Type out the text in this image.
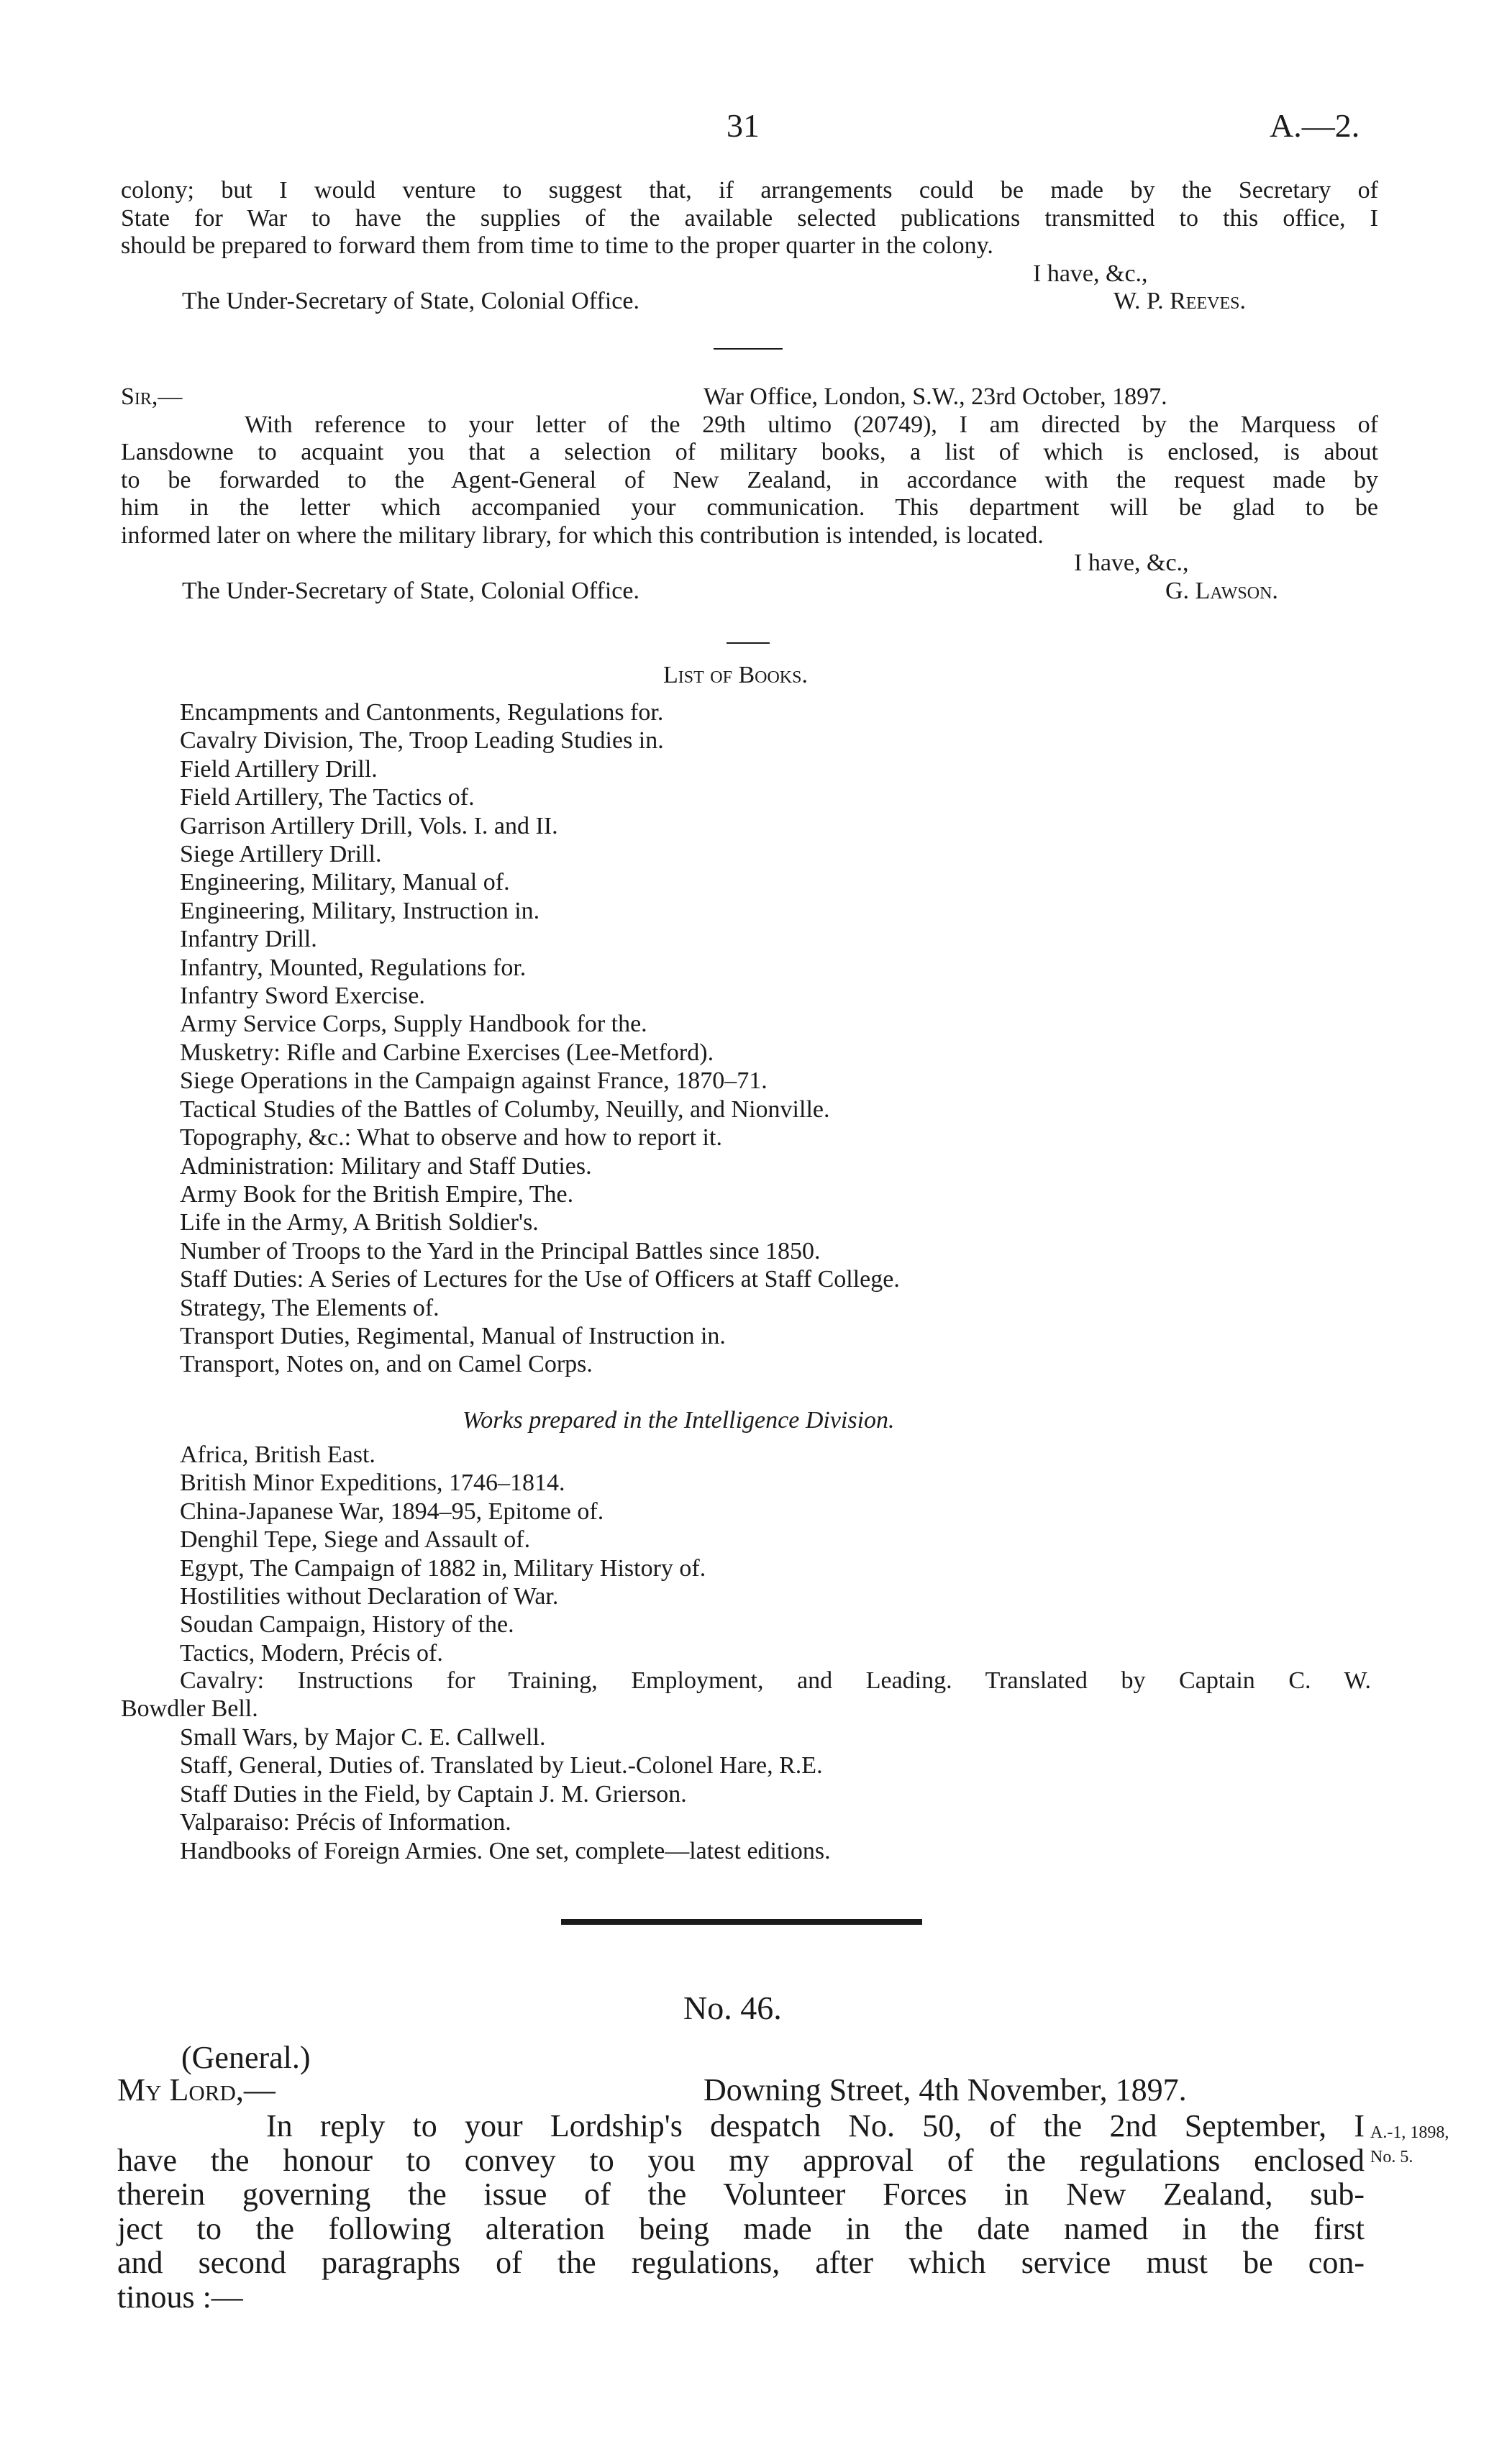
31	A.—2.
colony; but I would venture to suggest that, if arrangements could be made by the Secretary of
State for War to have the supplies of the available selected publications transmitted to this office, I
should be prepared to forward them from time to time to the proper quarter in the colony.
I have, &c.,
The Under-Secretary of State, Colonial Office.	W. P. Reeves.
Sir,—	War Office, London, S.W., 23rd October, 1897.
With reference to your letter of the 29th ultimo (20749), I am directed by the Marquess of
Lansdowne to acquaint you that a selection of military books, a list of which is enclosed, is about
to be forwarded to the Agent-General of New Zealand, in accordance with the request made by
him in the letter which accompanied your communication. This department will be glad to be
informed later on where the military library, for which this contribution is intended, is located.
I have, &c.,
The Under-Secretary of State, Colonial Office.	G. Lawson.
List of Books.
Encampments and Cantonments, Regulations for.
Cavalry Division, The, Troop Leading Studies in.
Field Artillery Drill.
Field Artillery, The Tactics of.
Garrison Artillery Drill, Vols. I. and II.
Siege Artillery Drill.
Engineering, Military, Manual of.
Engineering, Military, Instruction in.
Infantry Drill.
Infantry, Mounted, Regulations for.
Infantry Sword Exercise.
Army Service Corps, Supply Handbook for the.
Musketry: Rifle and Carbine Exercises (Lee-Metford).
Siege Operations in the Campaign against France, 1870–71.
Tactical Studies of the Battles of Columby, Neuilly, and Nionville.
Topography, &c.: What to observe and how to report it.
Administration: Military and Staff Duties.
Army Book for the British Empire, The.
Life in the Army, A British Soldier's.
Number of Troops to the Yard in the Principal Battles since 1850.
Staff Duties: A Series of Lectures for the Use of Officers at Staff College.
Strategy, The Elements of.
Transport Duties, Regimental, Manual of Instruction in.
Transport, Notes on, and on Camel Corps.
Works prepared in the Intelligence Division.
Africa, British East.
British Minor Expeditions, 1746–1814.
China-Japanese War, 1894–95, Epitome of.
Denghil Tepe, Siege and Assault of.
Egypt, The Campaign of 1882 in, Military History of.
Hostilities without Declaration of War.
Soudan Campaign, History of the.
Tactics, Modern, Précis of.
Cavalry: Instructions for Training, Employment, and Leading. Translated by Captain C. W.
Bowdler Bell.
Small Wars, by Major C. E. Callwell.
Staff, General, Duties of. Translated by Lieut.-Colonel Hare, R.E.
Staff Duties in the Field, by Captain J. M. Grierson.
Valparaiso: Précis of Information.
Handbooks of Foreign Armies. One set, complete—latest editions.
No. 46.
(General.)
My Lord,—	Downing Street, 4th November, 1897.
In reply to your Lordship's despatch No. 50, of the 2nd September, I
have the honour to convey to you my approval of the regulations enclosed
therein governing the issue of the Volunteer Forces in New Zealand, sub-
ject to the following alteration being made in the date named in the first
and second paragraphs of the regulations, after which service must be con-
tinous :—
A.-1, 1898,
No. 5.
